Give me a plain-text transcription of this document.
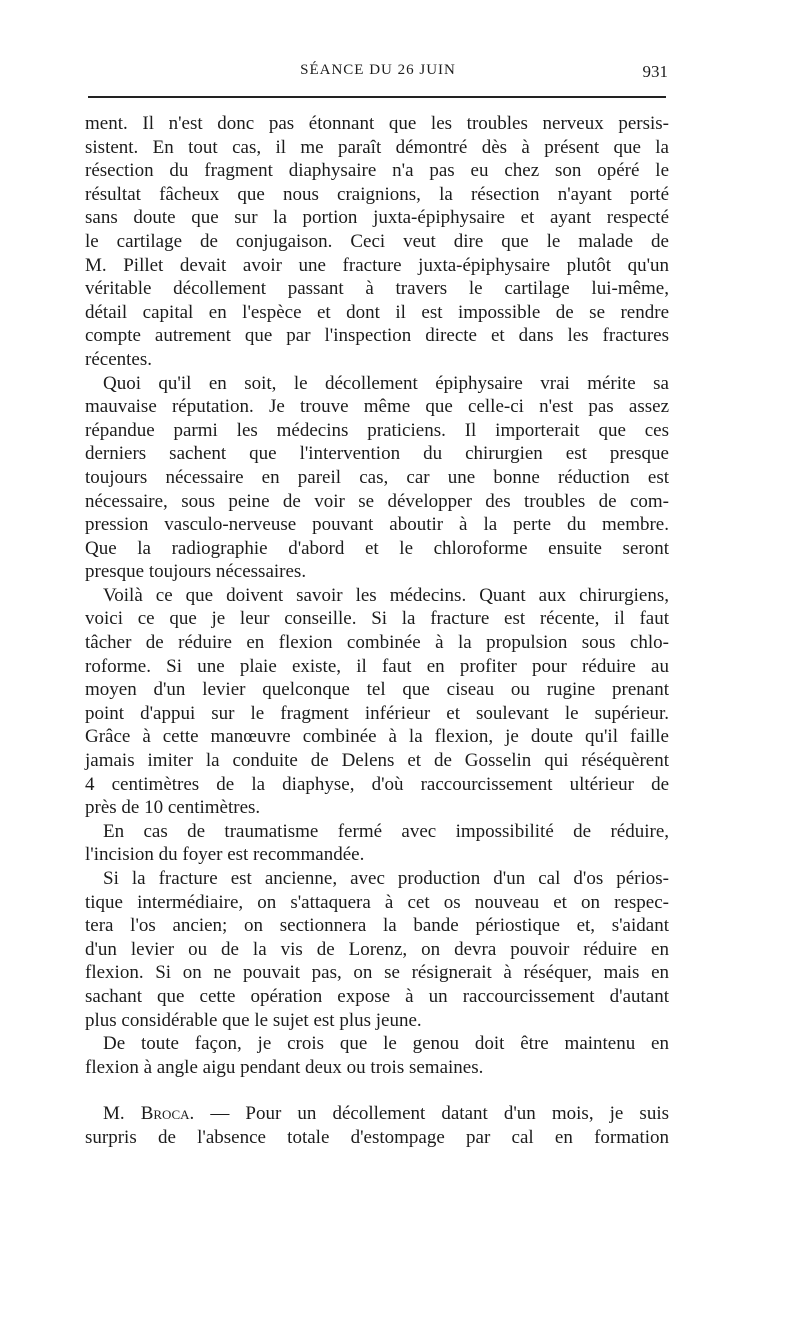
SÉANCE DU 26 JUIN	931
ment. Il n'est donc pas étonnant que les troubles nerveux persis-
sistent. En tout cas, il me paraît démontré dès à présent que la
résection du fragment diaphysaire n'a pas eu chez son opéré le
résultat fâcheux que nous craignions, la résection n'ayant porté
sans doute que sur la portion juxta-épiphysaire et ayant respecté
le cartilage de conjugaison. Ceci veut dire que le malade de
M. Pillet devait avoir une fracture juxta-épiphysaire plutôt qu'un
véritable décollement passant à travers le cartilage lui-même,
détail capital en l'espèce et dont il est impossible de se rendre
compte autrement que par l'inspection directe et dans les fractures
récentes.
Quoi qu'il en soit, le décollement épiphysaire vrai mérite sa
mauvaise réputation. Je trouve même que celle-ci n'est pas assez
répandue parmi les médecins praticiens. Il importerait que ces
derniers sachent que l'intervention du chirurgien est presque
toujours nécessaire en pareil cas, car une bonne réduction est
nécessaire, sous peine de voir se développer des troubles de com-
pression vasculo-nerveuse pouvant aboutir à la perte du membre.
Que la radiographie d'abord et le chloroforme ensuite seront
presque toujours nécessaires.
Voilà ce que doivent savoir les médecins. Quant aux chirurgiens,
voici ce que je leur conseille. Si la fracture est récente, il faut
tâcher de réduire en flexion combinée à la propulsion sous chlo-
roforme. Si une plaie existe, il faut en profiter pour réduire au
moyen d'un levier quelconque tel que ciseau ou rugine prenant
point d'appui sur le fragment inférieur et soulevant le supérieur.
Grâce à cette manœuvre combinée à la flexion, je doute qu'il faille
jamais imiter la conduite de Delens et de Gosselin qui réséquèrent
4 centimètres de la diaphyse, d'où raccourcissement ultérieur de
près de 10 centimètres.
En cas de traumatisme fermé avec impossibilité de réduire,
l'incision du foyer est recommandée.
Si la fracture est ancienne, avec production d'un cal d'os périos-
tique intermédiaire, on s'attaquera à cet os nouveau et on respec-
tera l'os ancien; on sectionnera la bande périostique et, s'aidant
d'un levier ou de la vis de Lorenz, on devra pouvoir réduire en
flexion. Si on ne pouvait pas, on se résignerait à réséquer, mais en
sachant que cette opération expose à un raccourcissement d'autant
plus considérable que le sujet est plus jeune.
De toute façon, je crois que le genou doit être maintenu en
flexion à angle aigu pendant deux ou trois semaines.
M. Broca. — Pour un décollement datant d'un mois, je suis
surpris de l'absence totale d'estompage par cal en formation
